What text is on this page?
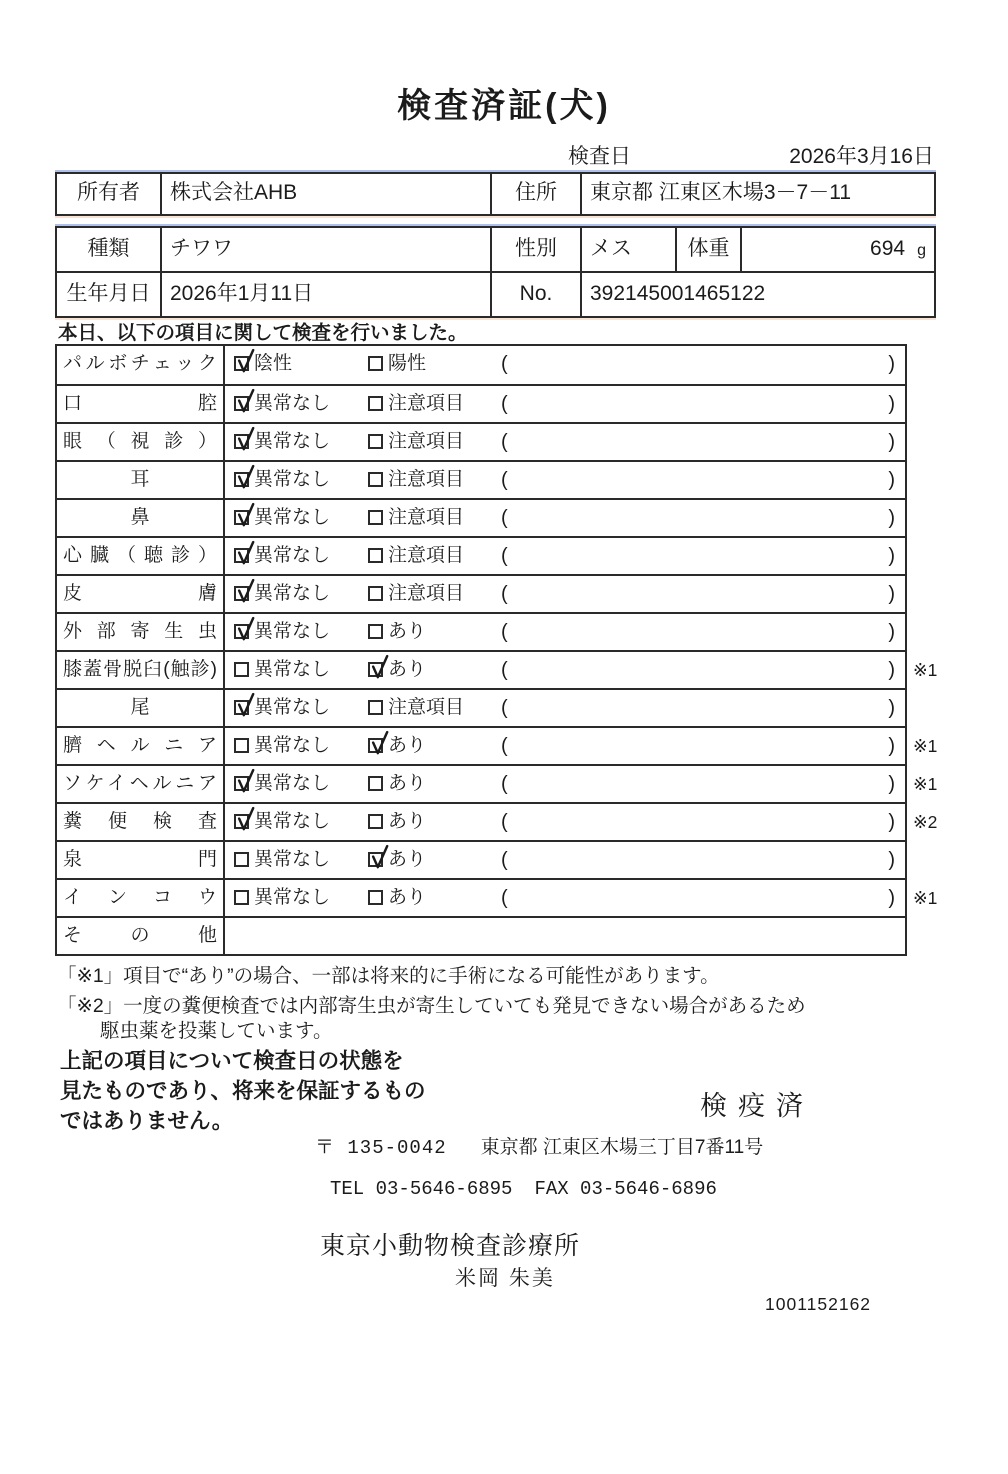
検査済証(犬)
検査日	2026年3月16日
所有者	株式会社AHB	住所	東京都 江東区木場3－7－11
種類	チワワ	性別	メス	体重	694 g
生年月日 2026年1月11日	No.	392145001465122
本日、以下の項目に関して検査を行いました。
パルボチェック	陰性	陽性	(	)
口腔	異常なし	注意項目 (	)
眼（視診）	異常なし	注意項目 (	)
耳	異常なし	注意項目 (	)
鼻	異常なし	注意項目 (	)
心臓（聴診）	異常なし	注意項目 (	)
皮膚	異常なし	注意項目 (	)
外部寄生虫	異常なし	あり	(	)
膝蓋骨脱臼(触診)	異常なし	あり	(	) ※1
尾	異常なし	注意項目 (	)
臍ヘルニア	異常なし	あり	(	) ※1
ソケイヘルニア	異常なし	あり	(	) ※1
糞便検査	異常なし	あり	(	) ※2
泉門	異常なし	あり	(	)
インコウ	異常なし	あり	(	) ※1
その他
「※1」項目で“あり”の場合、一部は将来的に手術になる可能性があります。
「※2」一度の糞便検査では内部寄生虫が寄生していても発見できない場合があるため
駆虫薬を投薬しています。
上記の項目について検査日の状態を
見たものであり、将来を保証するもの
ではありません。	検疫済
〒 135-0042 東京都 江東区木場三丁目7番11号
TEL 03-5646-6895 FAX 03-5646-6896
東京小動物検査診療所
米岡 朱美
1001152162
